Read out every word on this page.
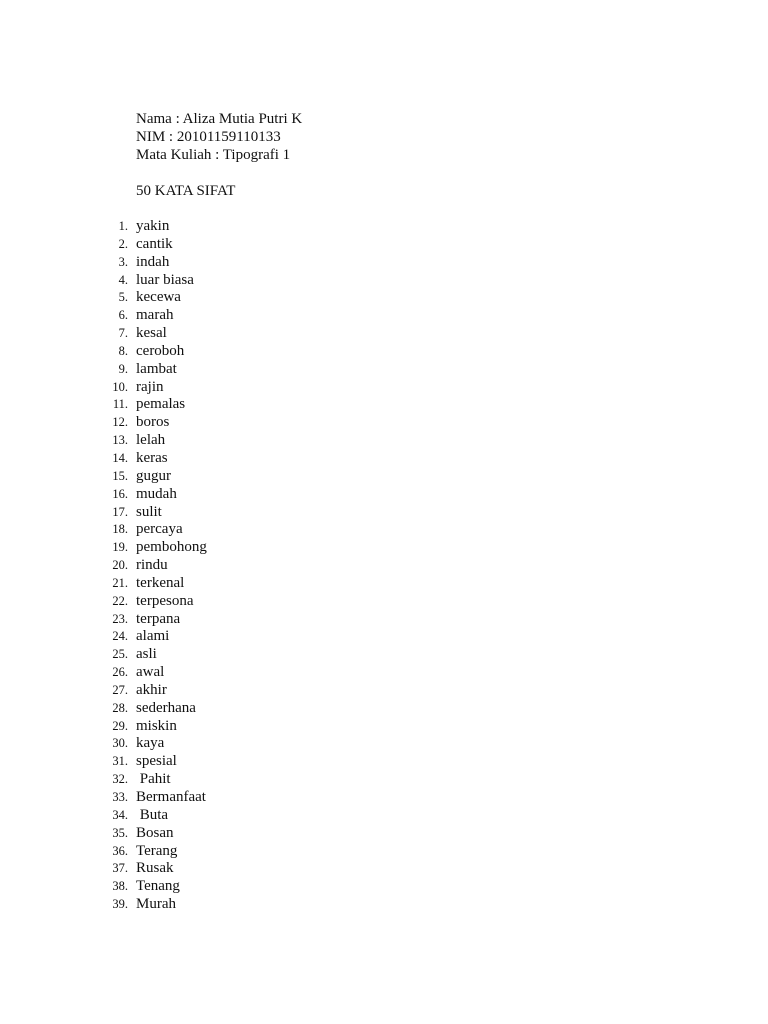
Nama : Aliza Mutia Putri K
NIM : 20101159110133
Mata Kuliah : Tipografi 1
50 KATA SIFAT
1. yakin
2. cantik
3. indah
4. luar biasa
5. kecewa
6. marah
7. kesal
8. ceroboh
9. lambat
10. rajin
11. pemalas
12. boros
13. lelah
14. keras
15. gugur
16. mudah
17. sulit
18. percaya
19. pembohong
20. rindu
21. terkenal
22. terpesona
23. terpana
24. alami
25. asli
26. awal
27. akhir
28. sederhana
29. miskin
30. kaya
31. spesial
32. Pahit
33. Bermanfaat
34. Buta
35. Bosan
36. Terang
37. Rusak
38. Tenang
39. Murah
